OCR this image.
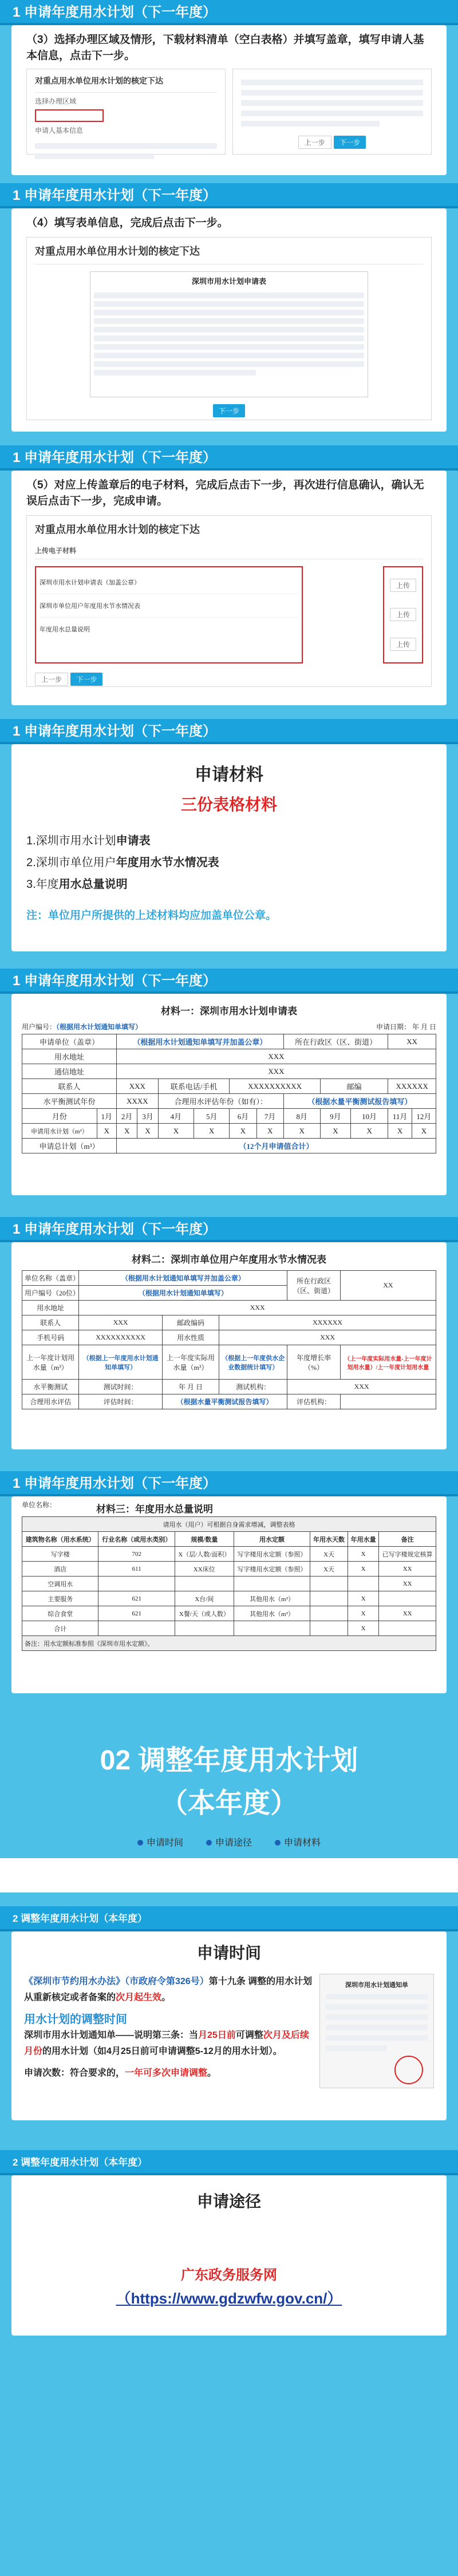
1 申请年度用水计划（下一年度）
（3）选择办理区域及情形，下载材料清单（空白表格）并填写盖章，填写申请人基本信息，点击下一步。
对重点用水单位用水计划的核定下达
选择办理区域
申请人基本信息
上一步 下一步
1 申请年度用水计划（下一年度）
（4）填写表单信息，完成后点击下一步。
对重点用水单位用水计划的核定下达
深圳市用水计划申请表
下一步
1 申请年度用水计划（下一年度）
（5）对应上传盖章后的电子材料，完成后点击下一步，再次进行信息确认，确认无误后点击下一步，完成申请。
对重点用水单位用水计划的核定下达
上传电子材料
深圳市用水计划申请表（加盖公章）
深圳市单位用户年度用水节水情况表
年度用水总量说明
上传
上传
上传
上一步 下一步
1 申请年度用水计划（下一年度）
申请材料
三份表格材料
1.深圳市用水计划申请表
2.深圳市单位用户年度用水节水情况表
3.年度用水总量说明
注：单位用户所提供的上述材料均应加盖单位公章。
1 申请年度用水计划（下一年度）
材料一：深圳市用水计划申请表
用户编号：（根据用水计划通知单填写）	申请日期： 年 月 日
申请单位（盖章）		（根据用水计划通知单填写并加盖公章）						所在行政区（区、街道）			XX	
用水地址		XXX										
通信地址		XXX										
联系人		XXX		联系电话/手机		XXXXXXXXXX			邮编		XXXXXX	
水平衡测试年份		XXXX		合理用水评估年份（如有）：				（根据水量平衡测试报告填写）				
月份	1月	2月	3月	4月	5月	6月	7月	8月	9月	10月	11月	12月
申请用水计划（m³）	X	X	X	X	X	X	X	X	X	X	X	X
申请总计划（m³）		（12个月申请值合计）										
1 申请年度用水计划（下一年度）
材料二：深圳市单位用户年度用水节水情况表
单位名称（盖章）	（根据用水计划通知单填写并加盖公章）			所在行政区（区、街道）	XX
用户编号（20位）	（根据用水计划通知单填写）				
用水地址	XXX				
联系人	XXX	邮政编码	XXXXXX		
手机号码	XXXXXXXXXX	用水性质	XXX		
上一年度计划用水量（m³）	（根据上一年度用水计划通知单填写）	上一年度实际用水量（m³）	（根据上一年度供水企业数据统计填写）	年度增长率（%）	（上一年度实际用水量-上一年度计划用水量）/上一年度计划用水量
水平衡测试	测试时间：	年 月 日	测试机构：	XXX	
合理用水评估	评估时间：	（根据水量平衡测试报告填写）		评估机构：	
1 申请年度用水计划（下一年度）
单位名称：	材料三：年度用水总量说明
请用水（用户）可根据自身需求增减，调整表格						
建筑物名称（用水系统）	行业名称（或用水类别）	规模/数量	用水定额	年用水天数	年用水量	备注
写字楼	702	X（层/人数/面积）	写字楼用水定额（参照）	X天	X	已写字楼规定核算
酒店	611	XX床位	写字楼用水定额（参照）	X天	X	XX
空调用水						XX
主要服务	621	X台/间	其他用水（m³）		X	
综合食堂	621	X餐/天（或人数）	其他用水（m³）		X	XX
合计					X	
备注：用水定额标准参照《深圳市用水定额》。						
02 调整年度用水计划
（本年度）
申请时间	申请途径	申请材料
2 调整年度用水计划（本年度）
申请时间
《深圳市节约用水办法》（市政府令第326号）第十九条 调整的用水计划从重新核定或者备案的次月起生效。
用水计划的调整时间
深圳市用水计划通知单——说明第三条：当月25日前可调整次月及后续月份的用水计划（如4月25日前可申请调整5-12月的用水计划）。
申请次数：符合要求的，一年可多次申请调整。
深圳市用水计划通知单
2 调整年度用水计划（本年度）
申请途径
广东政务服务网
（https://www.gdzwfw.gov.cn/）
